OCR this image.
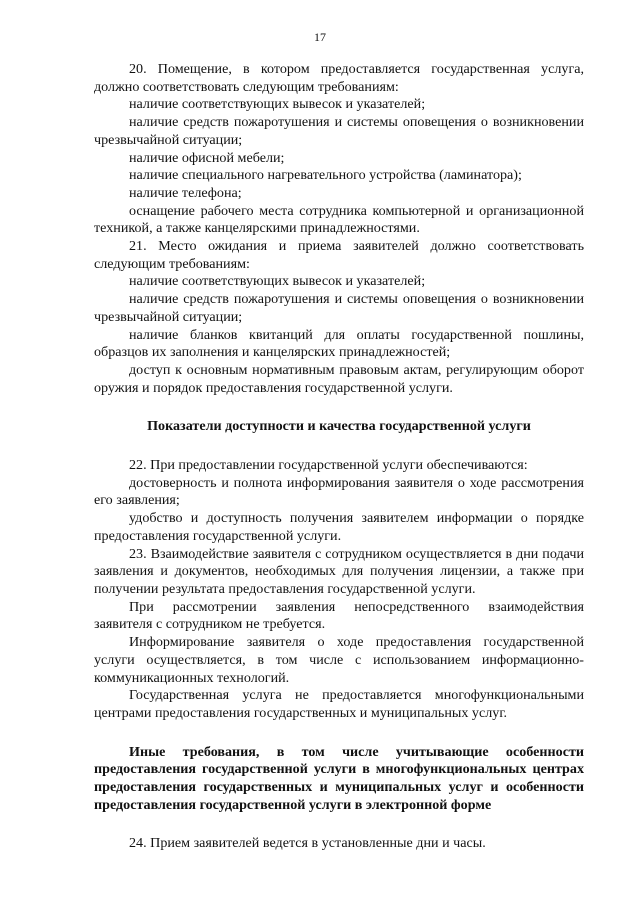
17

20. Помещение, в котором предоставляется государственная услуга, должно соответствовать следующим требованиям:

наличие соответствующих вывесок и указателей;

наличие средств пожаротушения и системы оповещения о возникновении чрезвычайной ситуации;

наличие офисной мебели;

наличие специального нагревательного устройства (ламинатора);

наличие телефона;

оснащение рабочего места сотрудника компьютерной и организационной техникой, а также канцелярскими принадлежностями.

21. Место ожидания и приема заявителей должно соответствовать следующим требованиям:

наличие соответствующих вывесок и указателей;

наличие средств пожаротушения и системы оповещения о возникновении чрезвычайной ситуации;

наличие бланков квитанций для оплаты государственной пошлины, образцов их заполнения и канцелярских принадлежностей;

доступ к основным нормативным правовым актам, регулирующим оборот оружия и порядок предоставления государственной услуги.

Показатели доступности и качества государственной услуги

22. При предоставлении государственной услуги обеспечиваются:

достоверность и полнота информирования заявителя о ходе рассмотрения его заявления;

удобство и доступность получения заявителем информации о порядке предоставления государственной услуги.

23. Взаимодействие заявителя с сотрудником осуществляется в дни подачи заявления и документов, необходимых для получения лицензии, а также при получении результата предоставления государственной услуги.

При рассмотрении заявления непосредственного взаимодействия заявителя с сотрудником не требуется.

Информирование заявителя о ходе предоставления государственной услуги осуществляется, в том числе с использованием информационно-коммуникационных технологий.

Государственная услуга не предоставляется многофункциональными центрами предоставления государственных и муниципальных услуг.

Иные требования, в том числе учитывающие особенности предоставления государственной услуги в многофункциональных центрах предоставления государственных и муниципальных услуг и особенности предоставления государственной услуги в электронной форме

24. Прием заявителей ведется в установленные дни и часы.
